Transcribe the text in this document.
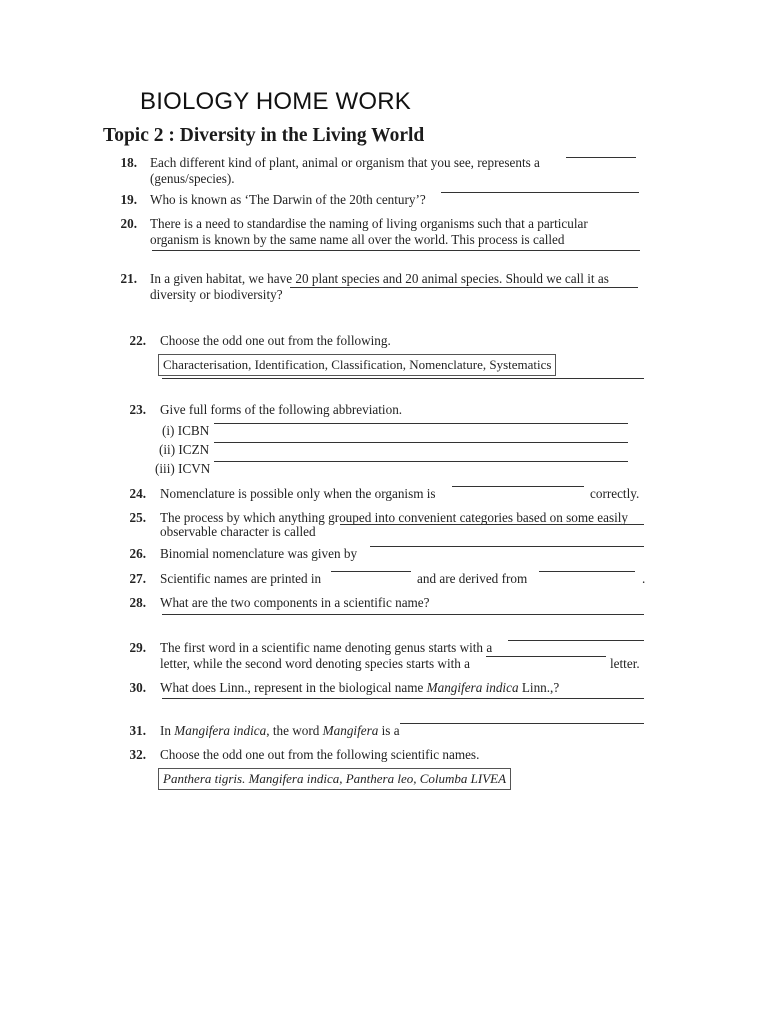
BIOLOGY HOME WORK
Topic 2 : Diversity in the Living World
18. Each different kind of plant, animal or organism that you see, represents a
(genus/species).
19. Who is known as ‘The Darwin of the 20th century’?
20. There is a need to standardise the naming of living organisms such that a particular
organism is known by the same name all over the world. This process is called
21. In a given habitat, we have 20 plant species and 20 animal species. Should we call it as
diversity or biodiversity?
22. Choose the odd one out from the following.
Characterisation, Identification, Classification, Nomenclature, Systematics
23. Give full forms of the following abbreviation.
(i) ICBN
(ii) ICZN
(iii) ICVN
24. Nomenclature is possible only when the organism is	correctly.
25. The process by which anything grouped into convenient categories based on some easily
observable character is called
26. Binomial nomenclature was given by
27. Scientific names are printed in	and are derived from	.
28. What are the two components in a scientific name?
29. The first word in a scientific name denoting genus starts with a
letter, while the second word denoting species starts with a	letter.
30. What does Linn., represent in the biological name Mangifera indica Linn.,?
31. In Mangifera indica, the word Mangifera is a
32. Choose the odd one out from the following scientific names.
Panthera tigris. Mangifera indica, Panthera leo, Columba LIVEA
